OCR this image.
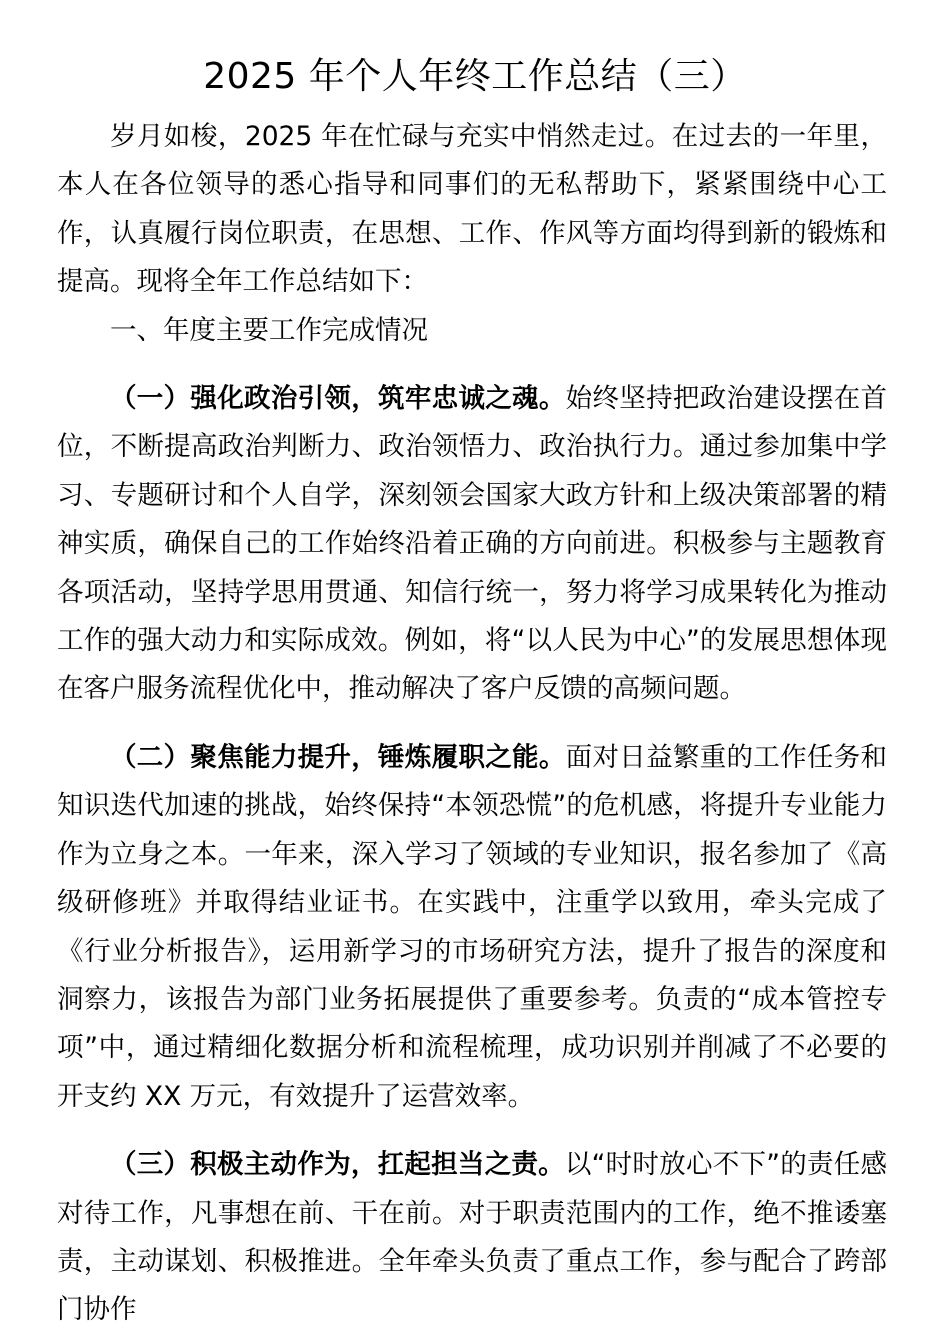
2025 年个人年终工作总结（三）

岁月如梭，2025 年在忙碌与充实中悄然走过。在过去的一年里，本人在各位领导的悉心指导和同事们的无私帮助下，紧紧围绕中心工作，认真履行岗位职责，在思想、工作、作风等方面均得到新的锻炼和提高。现将全年工作总结如下：

一、年度主要工作完成情况

（一）强化政治引领，筑牢忠诚之魂。始终坚持把政治建设摆在首位，不断提高政治判断力、政治领悟力、政治执行力。通过参加集中学习、专题研讨和个人自学，深刻领会国家大政方针和上级决策部署的精神实质，确保自己的工作始终沿着正确的方向前进。积极参与主题教育各项活动，坚持学思用贯通、知信行统一，努力将学习成果转化为推动工作的强大动力和实际成效。例如，将“以人民为中心”的发展思想体现在客户服务流程优化中，推动解决了客户反馈的高频问题。

（二）聚焦能力提升，锤炼履职之能。面对日益繁重的工作任务和知识迭代加速的挑战，始终保持“本领恐慌”的危机感，将提升专业能力作为立身之本。一年来，深入学习了领域的专业知识，报名参加了《高级研修班》并取得结业证书。在实践中，注重学以致用，牵头完成了《行业分析报告》，运用新学习的市场研究方法，提升了报告的深度和洞察力，该报告为部门业务拓展提供了重要参考。负责的“成本管控专项”中，通过精细化数据分析和流程梳理，成功识别并削减了不必要的开支约 XX 万元，有效提升了运营效率。

（三）积极主动作为，扛起担当之责。以“时时放心不下”的责任感对待工作，凡事想在前、干在前。对于职责范围内的工作，绝不推诿塞责，主动谋划、积极推进。全年牵头负责了重点工作，参与配合了跨部门协作
